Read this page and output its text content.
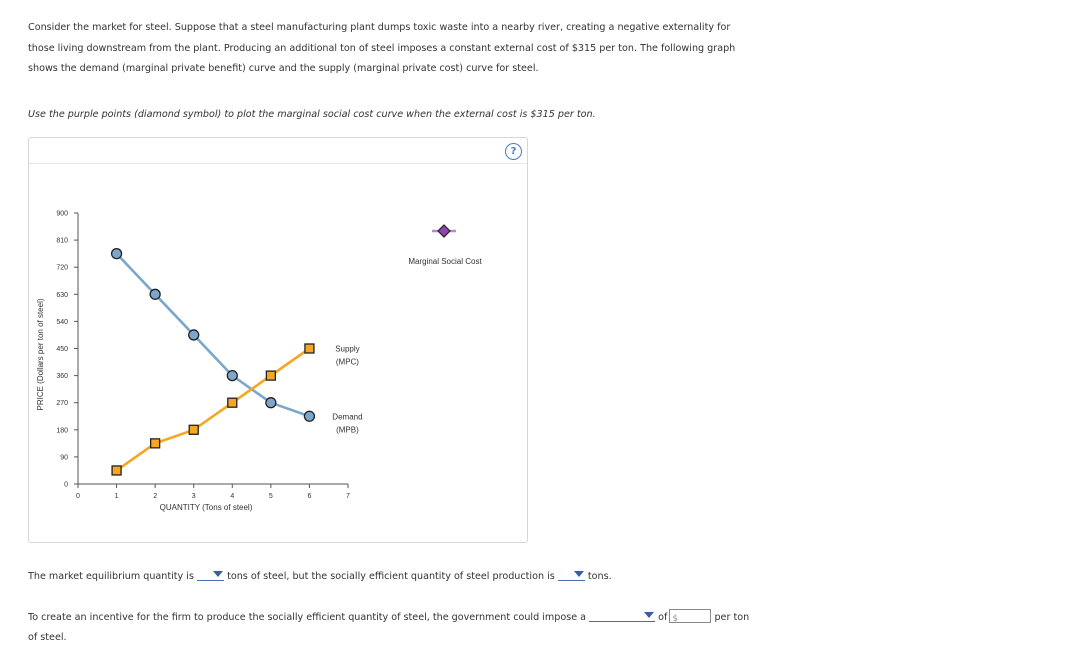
Consider the market for steel. Suppose that a steel manufacturing plant dumps toxic waste into a nearby river, creating a negative externality for
those living downstream from the plant. Producing an additional ton of steel imposes a constant external cost of $315 per ton. The following graph
shows the demand (marginal private benefit) curve and the supply (marginal private cost) curve for steel.
Use the purple points (diamond symbol) to plot the marginal social cost curve when the external cost is $315 per ton.
?
0
90
180
270
360
450
540
630
720
810
900
0	1	2	3	4	5	6	7
Demand
(MPB)
Supply
(MPC)
PRICE (Dollars per ton of steel)
QUANTITY (Tons of steel)
Marginal Social Cost
The market equilibrium quantity is	tons of steel, but the socially efficient quantity of steel production is	tons.
To create an incentive for the firm to produce the socially efficient quantity of steel, the government could impose a	of $	per ton
of steel.
